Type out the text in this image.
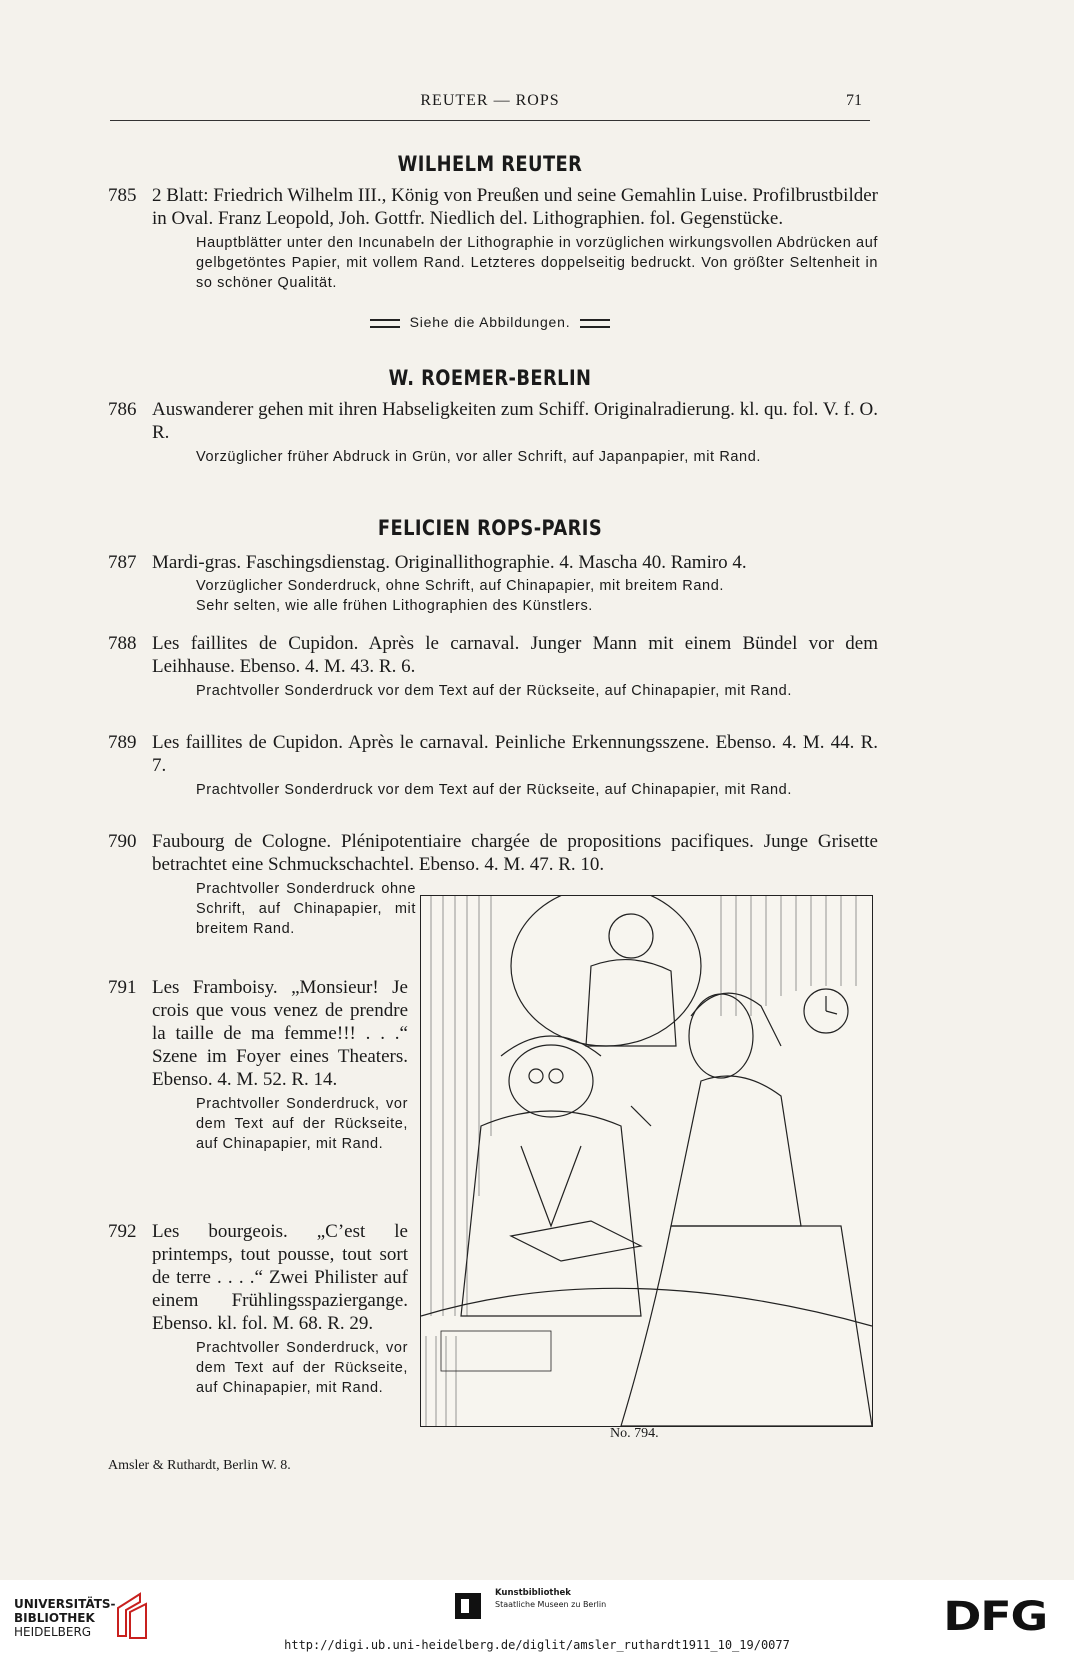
REUTER — ROPS	71
WILHELM REUTER
785 2 Blatt: Friedrich Wilhelm III., König von Preußen und seine Gemahlin Luise. Profilbrustbilder in Oval. Franz Leopold, Joh. Gottfr. Niedlich del. Lithographien. fol. Gegenstücke.
Hauptblätter unter den Incunabeln der Lithographie in vorzüglichen wirkungsvollen Abdrücken auf gelbgetöntes Papier, mit vollem Rand. Letzteres doppelseitig bedruckt. Von größter Seltenheit in so schöner Qualität.
Siehe die Abbildungen.
W. ROEMER-BERLIN
786 Auswanderer gehen mit ihren Habseligkeiten zum Schiff. Originalradierung. kl. qu. fol. V. f. O. R.
Vorzüglicher früher Abdruck in Grün, vor aller Schrift, auf Japanpapier, mit Rand.
FELICIEN ROPS-PARIS
787 Mardi-gras. Faschingsdienstag. Originallithographie. 4. Mascha 40. Ramiro 4.
Vorzüglicher Sonderdruck, ohne Schrift, auf Chinapapier, mit breitem Rand.
Sehr selten, wie alle frühen Lithographien des Künstlers.
788 Les faillites de Cupidon. Après le carnaval. Junger Mann mit einem Bündel vor dem Leihhause. Ebenso. 4. M. 43. R. 6.
Prachtvoller Sonderdruck vor dem Text auf der Rückseite, auf Chinapapier, mit Rand.
789 Les faillites de Cupidon. Après le carnaval. Peinliche Erkennungsszene. Ebenso. 4. M. 44. R. 7.
Prachtvoller Sonderdruck vor dem Text auf der Rückseite, auf Chinapapier, mit Rand.
790 Faubourg de Cologne. Plénipotentiaire chargée de propositions pacifiques. Junge Grisette betrachtet eine Schmuckschachtel. Ebenso. 4. M. 47. R. 10.
Prachtvoller Sonderdruck ohne Schrift, auf Chinapapier, mit breitem Rand.
791 Les Framboisy. „Monsieur! Je crois que vous venez de prendre la taille de ma femme!!! . . .“ Szene im Foyer eines Theaters. Ebenso. 4. M. 52. R. 14.
Prachtvoller Sonderdruck, vor dem Text auf der Rückseite, auf Chinapapier, mit Rand.
792 Les bourgeois. „C’est le printemps, tout pousse, tout sort de terre . . . .“ Zwei Philister auf einem Frühlingsspaziergange. Ebenso. kl. fol. M. 68. R. 29.
Prachtvoller Sonderdruck, vor dem Text auf der Rückseite, auf Chinapapier, mit Rand.
No. 794.
Amsler & Ruthardt, Berlin W. 8.
UNIVERSITÄTS-
BIBLIOTHEK
HEIDELBERG
Kunstbibliothek
Staatliche Museen zu Berlin	DFG
http://digi.ub.uni-heidelberg.de/diglit/amsler_ruthardt1911_10_19/0077
